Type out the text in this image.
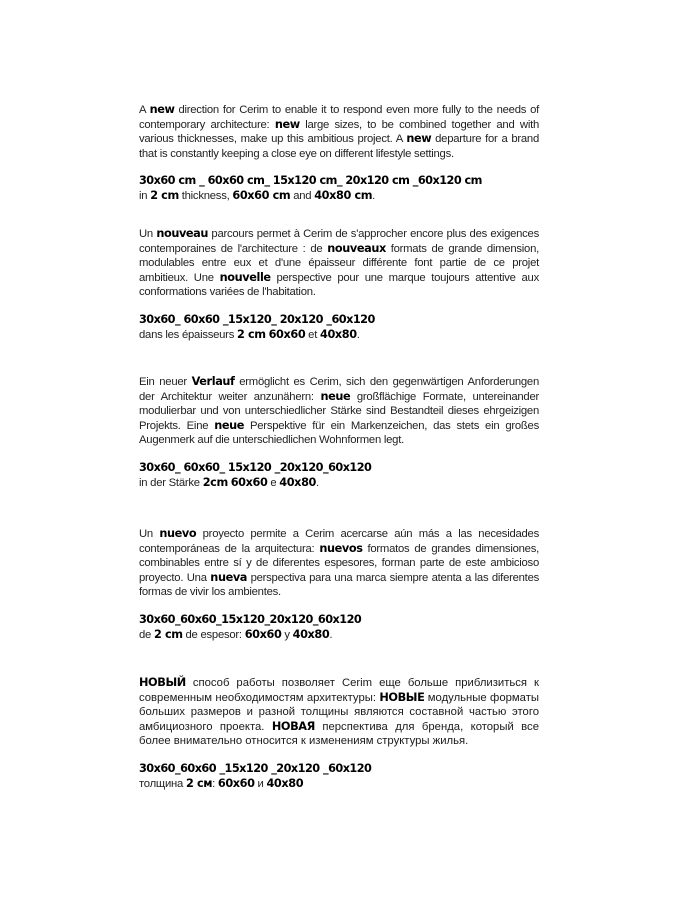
A new direction for Cerim to enable it to respond even more fully to the needs of contemporary architecture: new large sizes, to be combined together and with various thicknesses, make up this ambitious project. A new departure for a brand that is constantly keeping a close eye on different lifestyle settings.

30x60 cm _ 60x60 cm_ 15x120 cm_ 20x120 cm _60x120 cm
in 2 cm thickness, 60x60 cm and 40x80 cm.

Un nouveau parcours permet à Cerim de s'approcher encore plus des exigences contemporaines de l'architecture : de nouveaux formats de grande dimension, modulables entre eux et d'une épaisseur différente font partie de ce projet ambitieux. Une nouvelle perspective pour une marque toujours attentive aux conformations variées de l'habitation.

30x60_ 60x60 _15x120_ 20x120 _60x120
dans les épaisseurs 2 cm 60x60 et 40x80.

Ein neuer Verlauf ermöglicht es Cerim, sich den gegenwärtigen Anforderungen der Architektur weiter anzunähern: neue großflächige Formate, untereinander modulierbar und von unterschiedlicher Stärke sind Bestandteil dieses ehrgeizigen Projekts. Eine neue Perspektive für ein Markenzeichen, das stets ein großes Augenmerk auf die unterschiedlichen Wohnformen legt.

30x60_ 60x60_ 15x120 _20x120_60x120
in der Stärke 2cm 60x60 e 40x80.

Un nuevo proyecto permite a Cerim acercarse aún más a las necesidades contemporáneas de la arquitectura: nuevos formatos de grandes dimensiones, combinables entre sí y de diferentes espesores, forman parte de este ambicioso proyecto. Una nueva perspectiva para una marca siempre atenta a las diferentes formas de vivir los ambientes.

30x60_60x60_15x120_20x120_60x120
de 2 cm de espesor: 60x60 y 40x80.

НОВЫЙ способ работы позволяет Cerim еще больше приблизиться к современным необходимостям архитектуры: НОВЫЕ модульные форматы больших размеров и разной толщины являются составной частью этого амбициозного проекта. НОВАЯ перспектива для бренда, который все более внимательно относится к изменениям структуры жилья.

30x60_60x60 _15x120 _20x120 _60x120
толщина 2 см: 60x60 и 40x80
